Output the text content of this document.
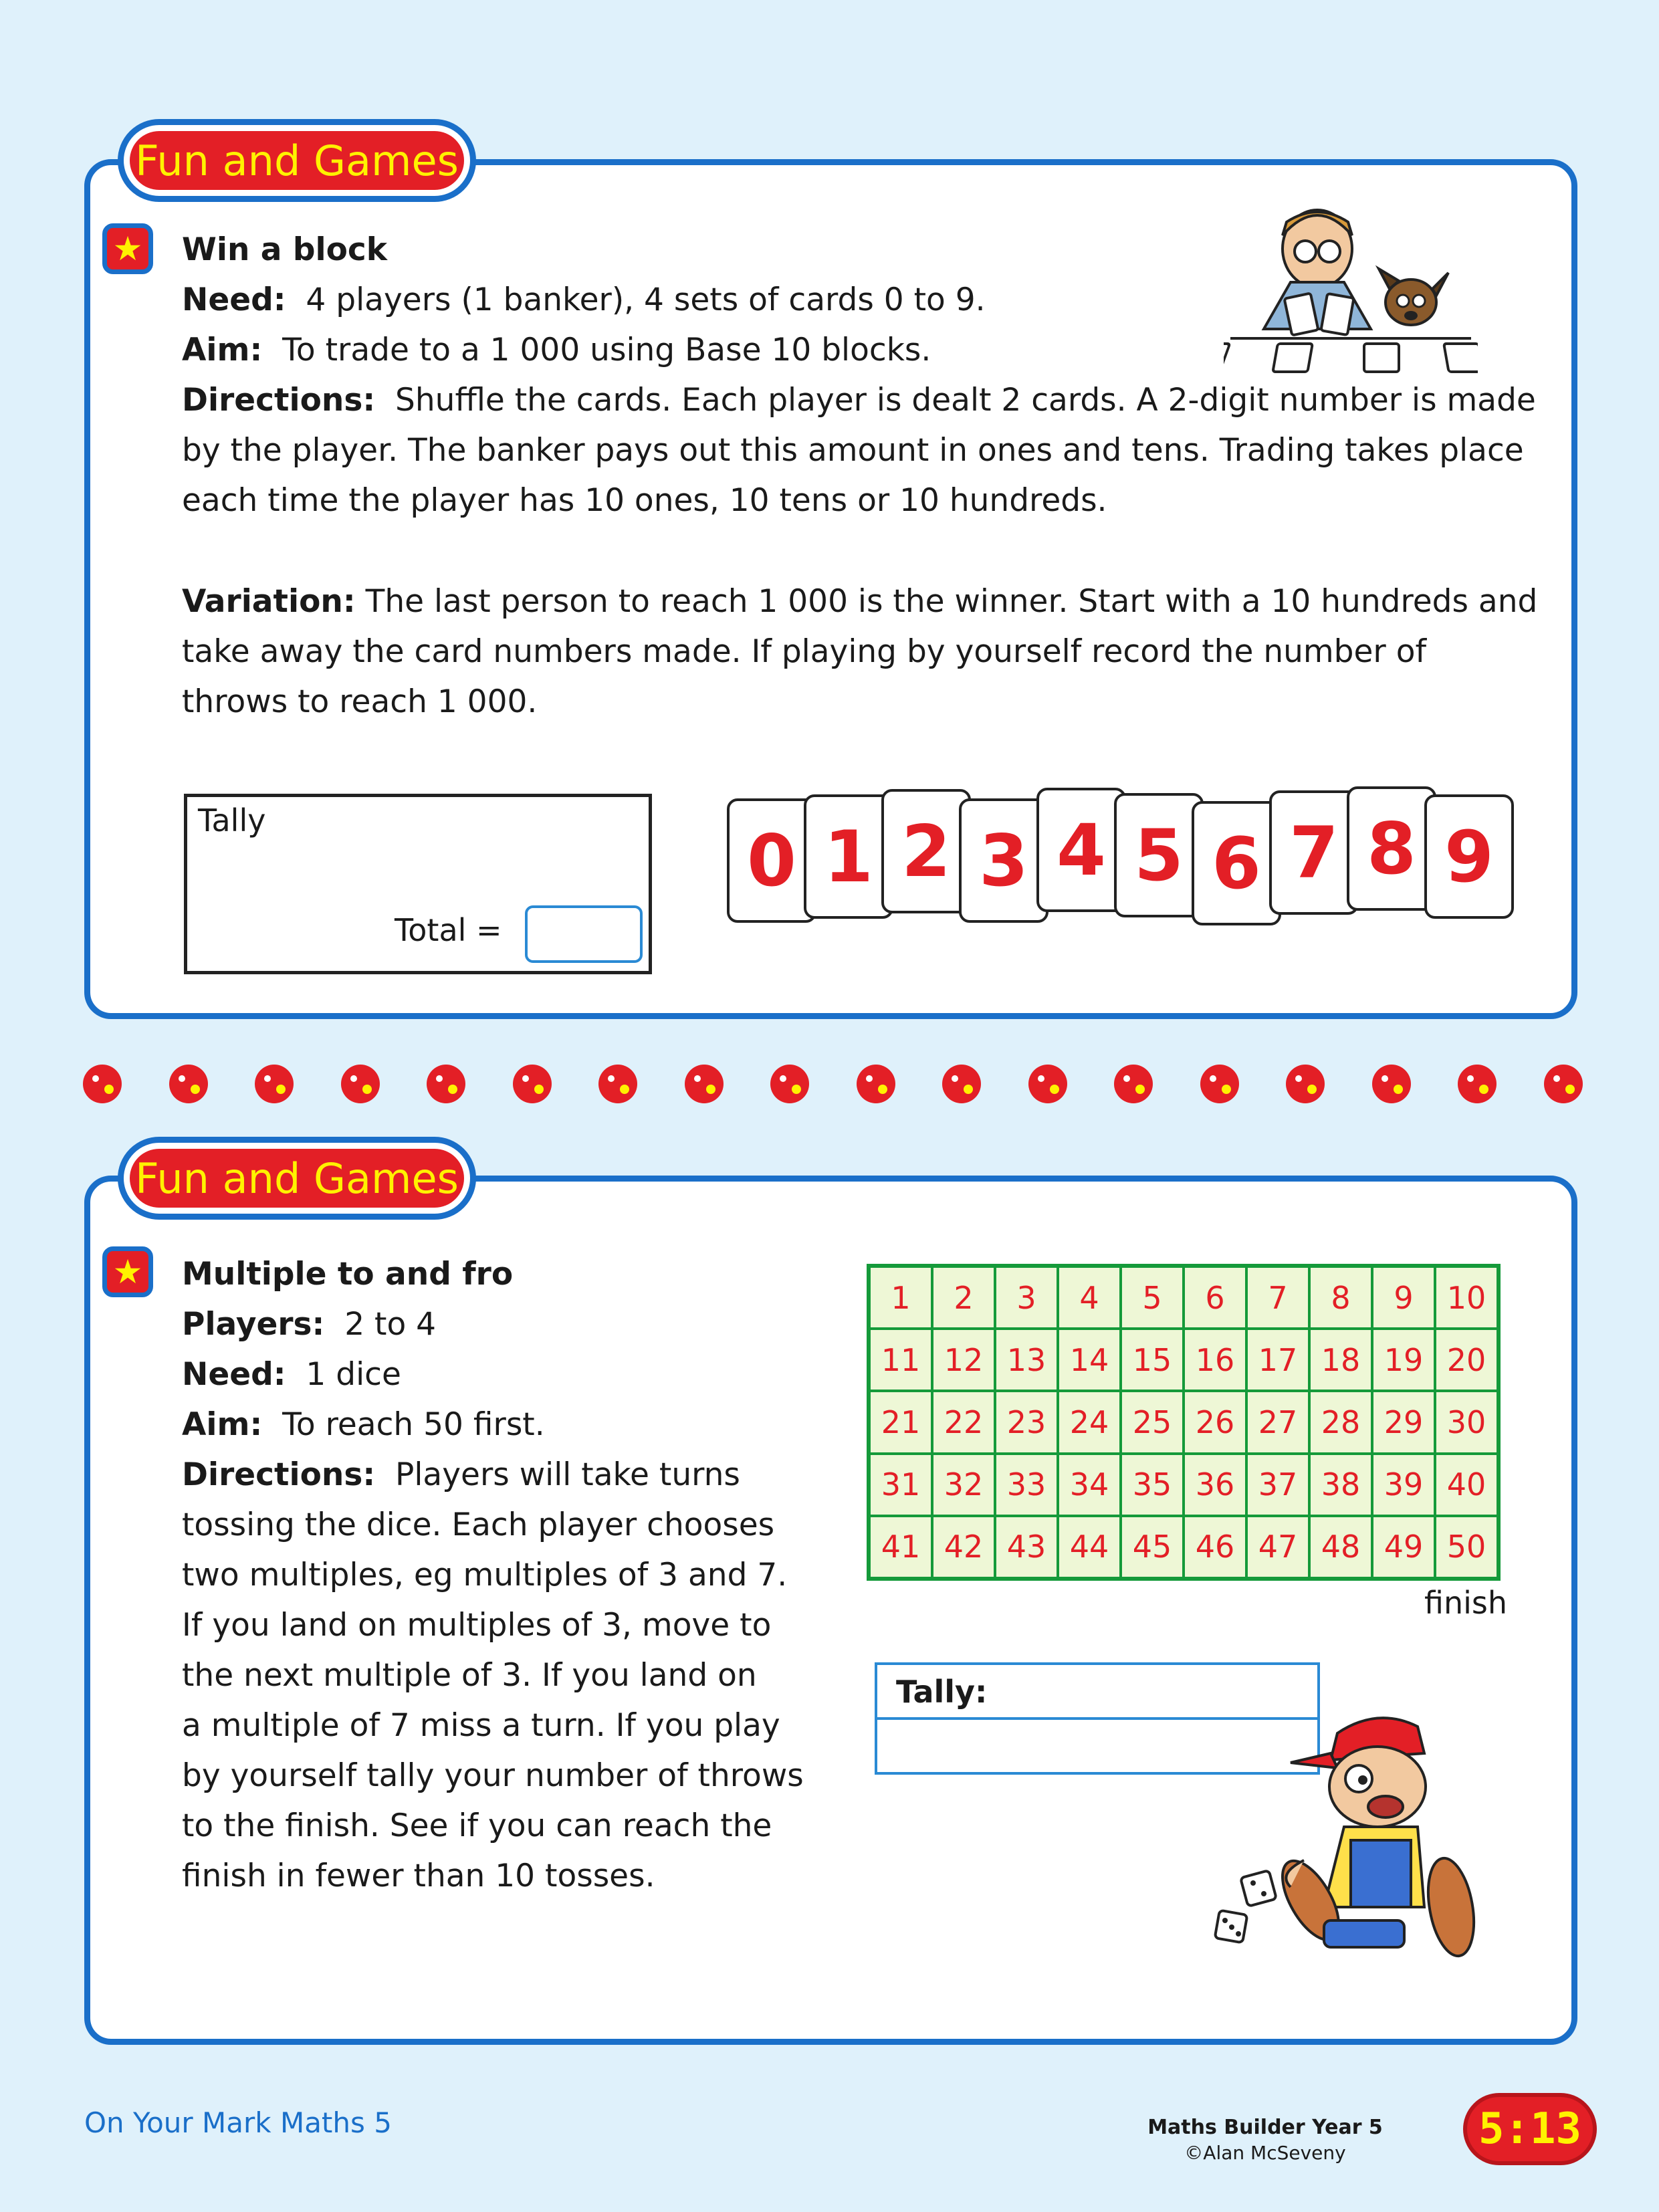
Fun and Games
★	Win a block
Need: 4 players (1 banker), 4 sets of cards 0 to 9.
Aim: To trade to a 1 000 using Base 10 blocks.
Directions: Shuffle the cards. Each player is dealt 2 cards. A 2-digit number is made
by the player. The banker pays out this amount in ones and tens. Trading takes place
each time the player has 10 ones, 10 tens or 10 hundreds.
Variation: The last person to reach 1 000 is the winner. Start with a 10 hundreds and
take away the card numbers made. If playing by yourself record the number of
throws to reach 1 000.
Tally
Total =
0 1 2 3 4 5 6 7 8 9
Fun and Games
★	Multiple to and fro
Players: 2 to 4
Need: 1 dice
Aim: To reach 50 first.
Directions: Players will take turns
tossing the dice. Each player chooses
two multiples, eg multiples of 3 and 7.
If you land on multiples of 3, move to
the next multiple of 3. If you land on
a multiple of 7 miss a turn. If you play
by yourself tally your number of throws
to the finish. See if you can reach the
finish in fewer than 10 tosses.
1	2	3	4	5	6	7	8	9	10
11 12 13 14 15 16 17 18 19 20
21 22 23 24 25 26 27 28 29 30
31 32 33 34 35 36 37 38 39 40
41 42 43 44 45 46 47 48 49 50
finish
Tally:
On Your Mark Maths 5	Maths Builder Year 5
©Alan McSeveny	5:13
